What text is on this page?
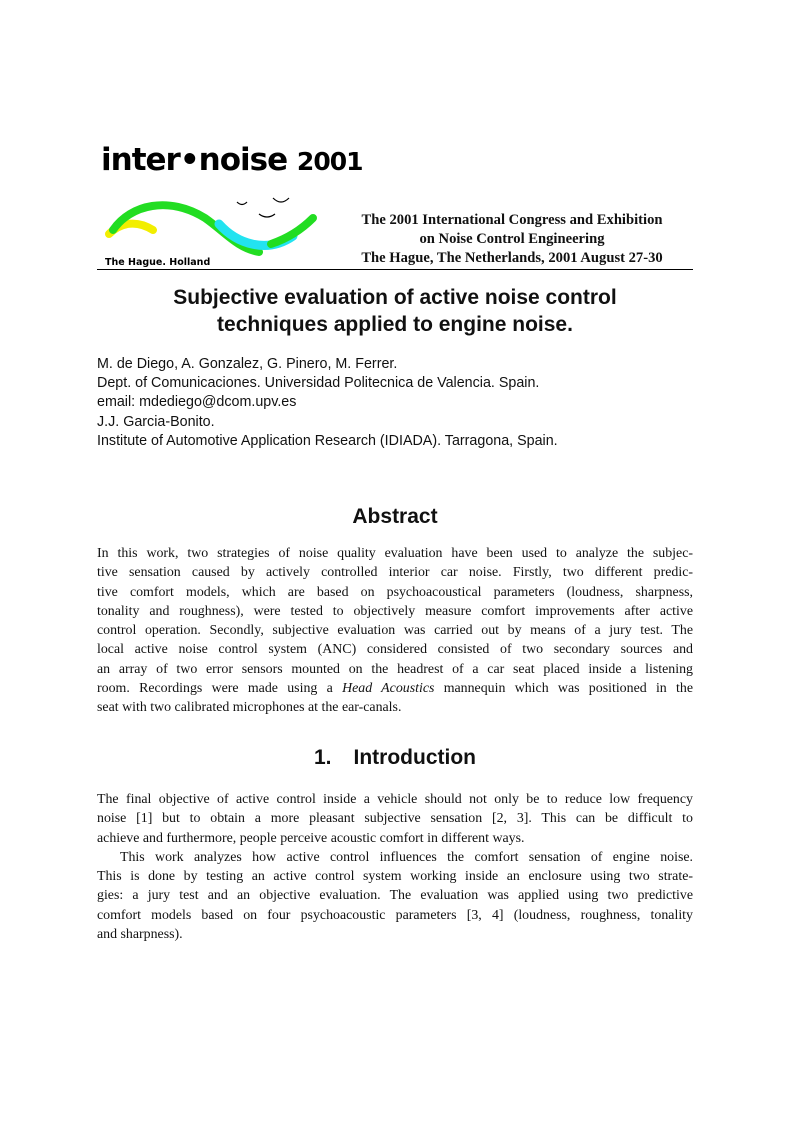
inter•noise 2001
The Hague. Holland
The 2001 International Congress and Exhibition
on Noise Control Engineering
The Hague, The Netherlands, 2001 August 27-30
Subjective evaluation of active noise control
techniques applied to engine noise.
M. de Diego, A. Gonzalez, G. Pinero, M. Ferrer.
Dept. of Comunicaciones. Universidad Politecnica de Valencia. Spain.
email: mdediego@dcom.upv.es
J.J. Garcia-Bonito.
Institute of Automotive Application Research (IDIADA). Tarragona, Spain.
Abstract
In this work, two strategies of noise quality evaluation have been used to analyze the subjec-
tive sensation caused by actively controlled interior car noise. Firstly, two different predic-
tive comfort models, which are based on psychoacoustical parameters (loudness, sharpness,
tonality and roughness), were tested to objectively measure comfort improvements after active
control operation. Secondly, subjective evaluation was carried out by means of a jury test. The
local active noise control system (ANC) considered consisted of two secondary sources and
an array of two error sensors mounted on the headrest of a car seat placed inside a listening
room. Recordings were made using a Head Acoustics mannequin which was positioned in the
seat with two calibrated microphones at the ear-canals.
1. Introduction
The final objective of active control inside a vehicle should not only be to reduce low frequency
noise [1] but to obtain a more pleasant subjective sensation [2, 3]. This can be difficult to
achieve and furthermore, people perceive acoustic comfort in different ways.
This work analyzes how active control influences the comfort sensation of engine noise.
This is done by testing an active control system working inside an enclosure using two strate-
gies: a jury test and an objective evaluation. The evaluation was applied using two predictive
comfort models based on four psychoacoustic parameters [3, 4] (loudness, roughness, tonality
and sharpness).
